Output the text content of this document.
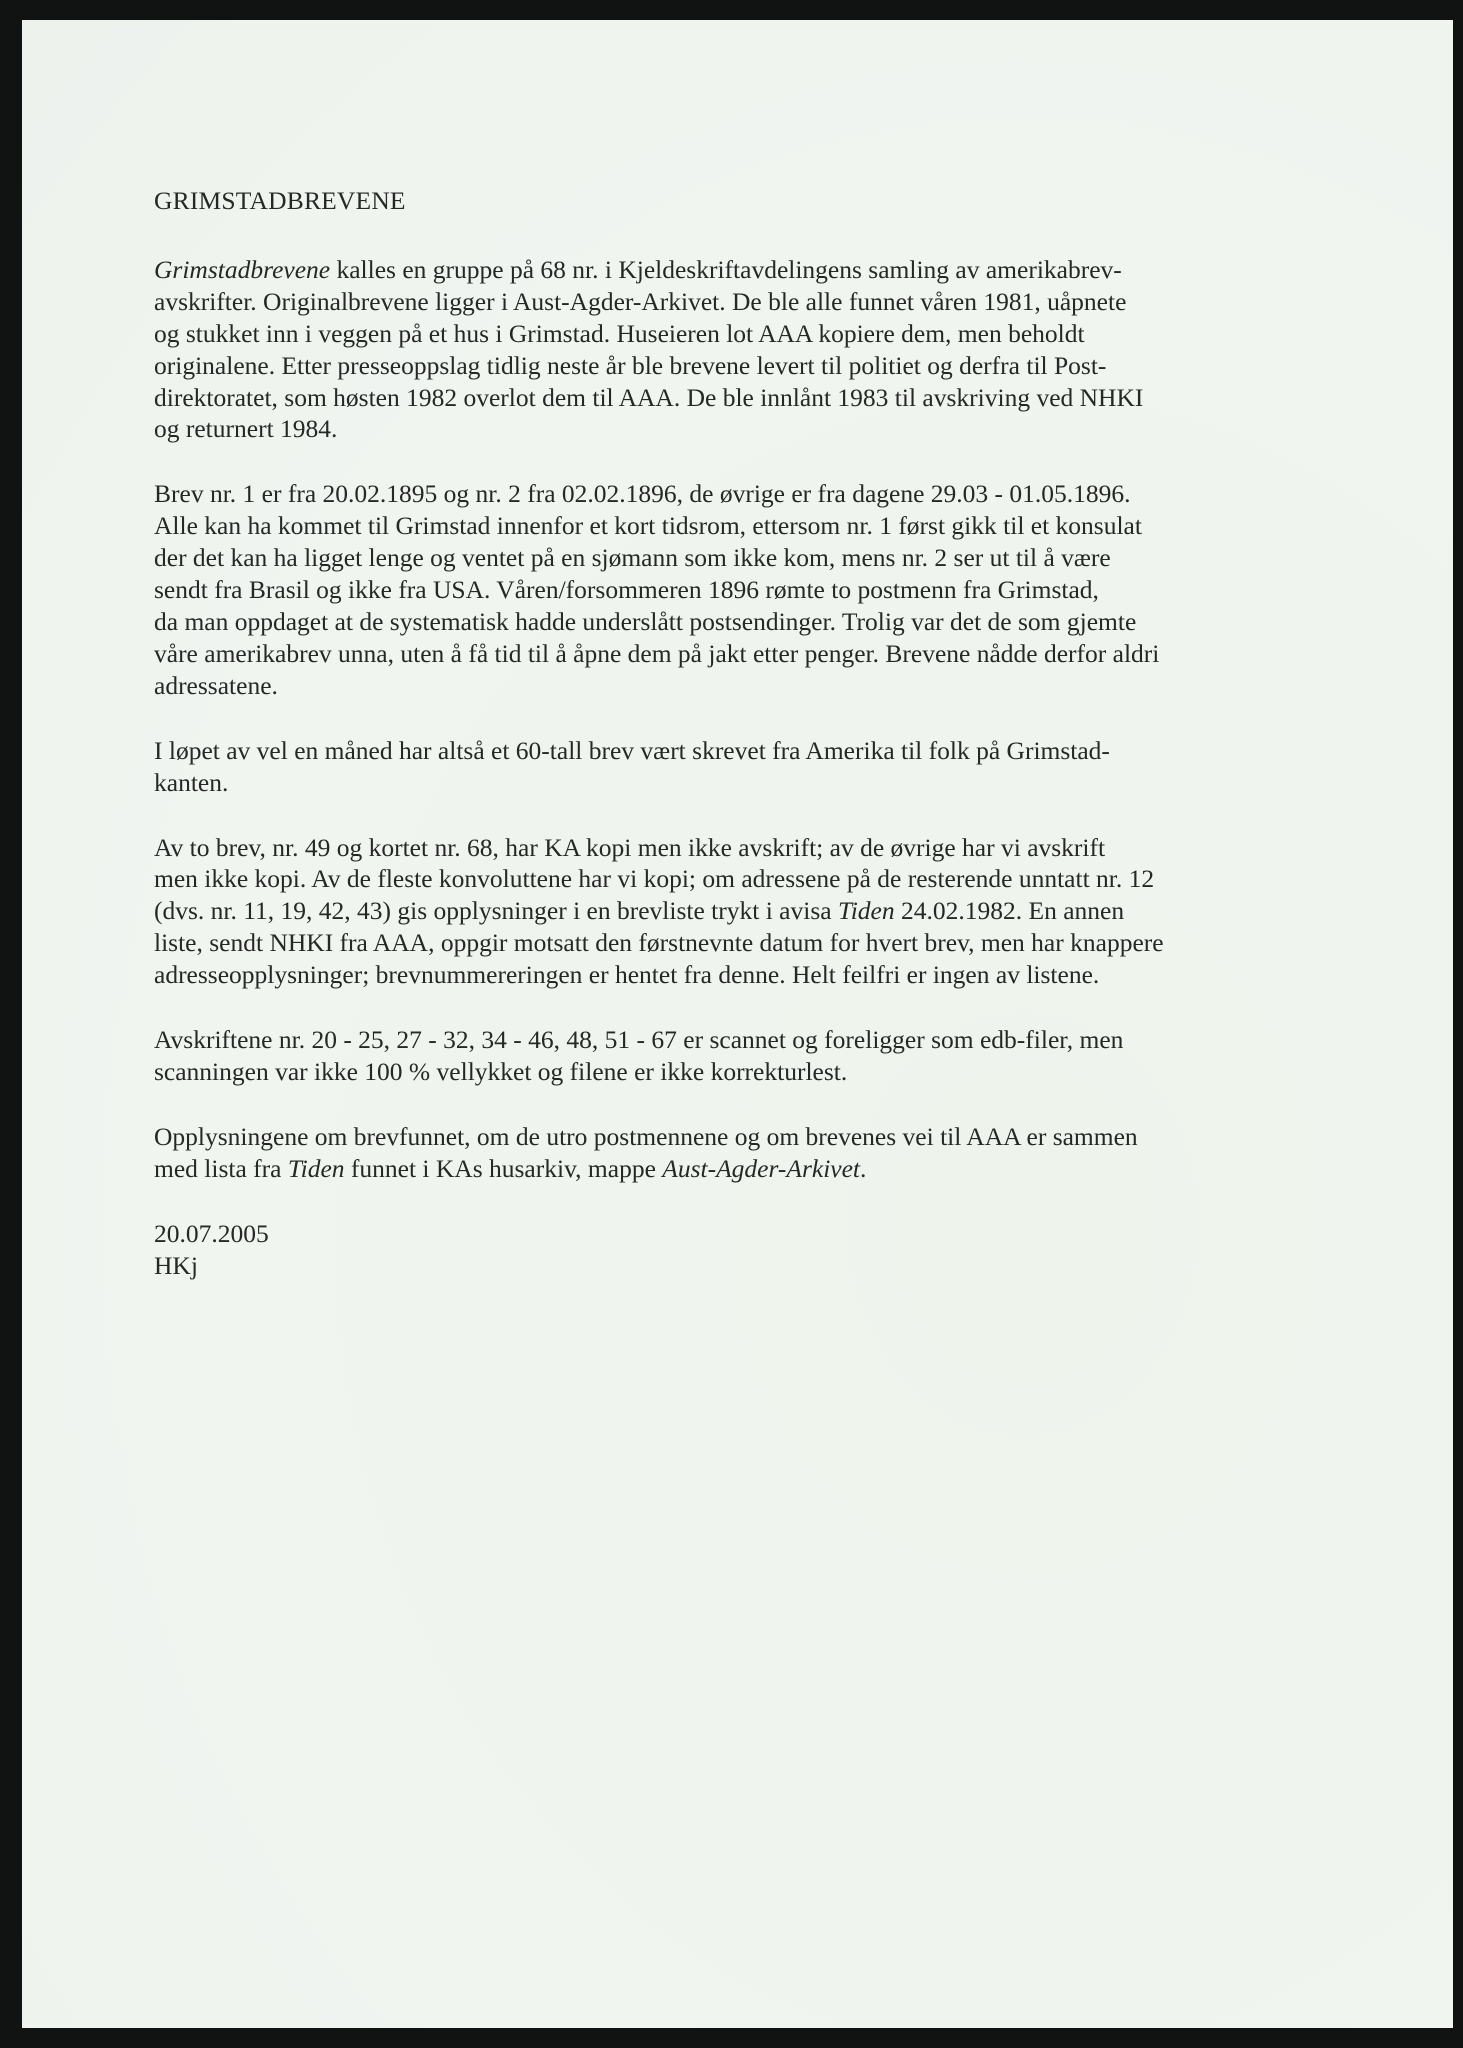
GRIMSTADBREVENE
Grimstadbrevene kalles en gruppe på 68 nr. i Kjeldeskriftavdelingens samling av amerikabrev-
avskrifter. Originalbrevene ligger i Aust-Agder-Arkivet. De ble alle funnet våren 1981, uåpnete
og stukket inn i veggen på et hus i Grimstad. Huseieren lot AAA kopiere dem, men beholdt
originalene. Etter presseoppslag tidlig neste år ble brevene levert til politiet og derfra til Post-
direktoratet, som høsten 1982 overlot dem til AAA. De ble innlånt 1983 til avskriving ved NHKI
og returnert 1984.
Brev nr. 1 er fra 20.02.1895 og nr. 2 fra 02.02.1896, de øvrige er fra dagene 29.03 - 01.05.1896.
Alle kan ha kommet til Grimstad innenfor et kort tidsrom, ettersom nr. 1 først gikk til et konsulat
der det kan ha ligget lenge og ventet på en sjømann som ikke kom, mens nr. 2 ser ut til å være
sendt fra Brasil og ikke fra USA. Våren/forsommeren 1896 rømte to postmenn fra Grimstad,
da man oppdaget at de systematisk hadde underslått postsendinger. Trolig var det de som gjemte
våre amerikabrev unna, uten å få tid til å åpne dem på jakt etter penger. Brevene nådde derfor aldri
adressatene.
I løpet av vel en måned har altså et 60-tall brev vært skrevet fra Amerika til folk på Grimstad-
kanten.
Av to brev, nr. 49 og kortet nr. 68, har KA kopi men ikke avskrift; av de øvrige har vi avskrift
men ikke kopi. Av de fleste konvoluttene har vi kopi; om adressene på de resterende unntatt nr. 12
(dvs. nr. 11, 19, 42, 43) gis opplysninger i en brevliste trykt i avisa Tiden 24.02.1982. En annen
liste, sendt NHKI fra AAA, oppgir motsatt den førstnevnte datum for hvert brev, men har knappere
adresseopplysninger; brevnummereringen er hentet fra denne. Helt feilfri er ingen av listene.
Avskriftene nr. 20 - 25, 27 - 32, 34 - 46, 48, 51 - 67 er scannet og foreligger som edb-filer, men
scanningen var ikke 100 % vellykket og filene er ikke korrekturlest.
Opplysningene om brevfunnet, om de utro postmennene og om brevenes vei til AAA er sammen
med lista fra Tiden funnet i KAs husarkiv, mappe Aust-Agder-Arkivet.
20.07.2005
HKj
